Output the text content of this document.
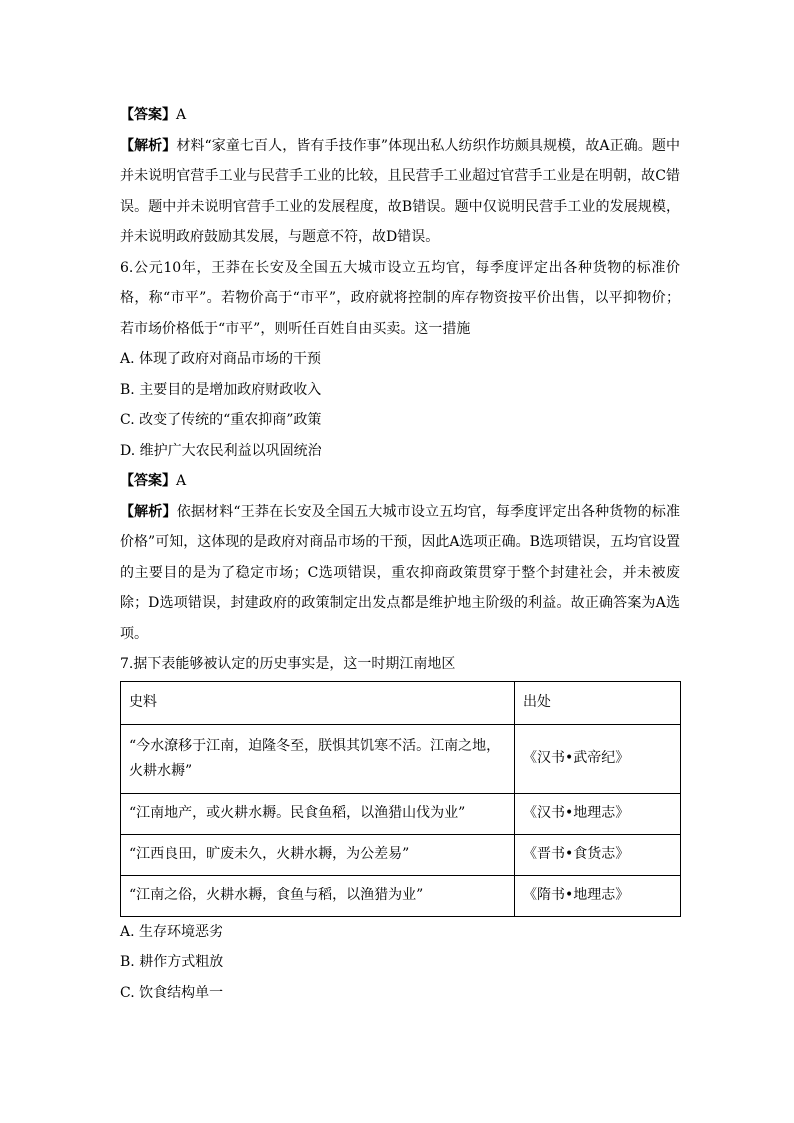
【答案】A

【解析】材料“家童七百人，皆有手技作事”体现出私人纺织作坊颇具规模，故A正确。题中并未说明官营手工业与民营手工业的比较，且民营手工业超过官营手工业是在明朝，故C错误。题中并未说明官营手工业的发展程度，故B错误。题中仅说明民营手工业的发展规模，并未说明政府鼓励其发展，与题意不符，故D错误。

6.公元10年，王莽在长安及全国五大城市设立五均官，每季度评定出各种货物的标准价格，称“市平”。若物价高于“市平”，政府就将控制的库存物资按平价出售，以平抑物价；若市场价格低于“市平”，则听任百姓自由买卖。这一措施

A. 体现了政府对商品市场的干预

B. 主要目的是增加政府财政收入

C. 改变了传统的“重农抑商”政策

D. 维护广大农民利益以巩固统治

【答案】A

【解析】依据材料“王莽在长安及全国五大城市设立五均官，每季度评定出各种货物的标准价格”可知，这体现的是政府对商品市场的干预，因此A选项正确。B选项错误，五均官设置的主要目的是为了稳定市场；C选项错误，重农抑商政策贯穿于整个封建社会，并未被废除；D选项错误，封建政府的政策制定出发点都是维护地主阶级的利益。故正确答案为A选项。

7.据下表能够被认定的历史事实是，这一时期江南地区

史料	出处
“今水潦移于江南，迫隆冬至，朕惧其饥寒不活。江南之地，火耕水耨”	《汉书•武帝纪》
“江南地产，或火耕水耨。民食鱼稻，以渔猎山伐为业”	《汉书•地理志》
“江西良田，旷废未久，火耕水耨，为公差易”	《晋书•食货志》
“江南之俗，火耕水耨，食鱼与稻，以渔猎为业”	《隋书•地理志》

A. 生存环境恶劣

B. 耕作方式粗放

C. 饮食结构单一
